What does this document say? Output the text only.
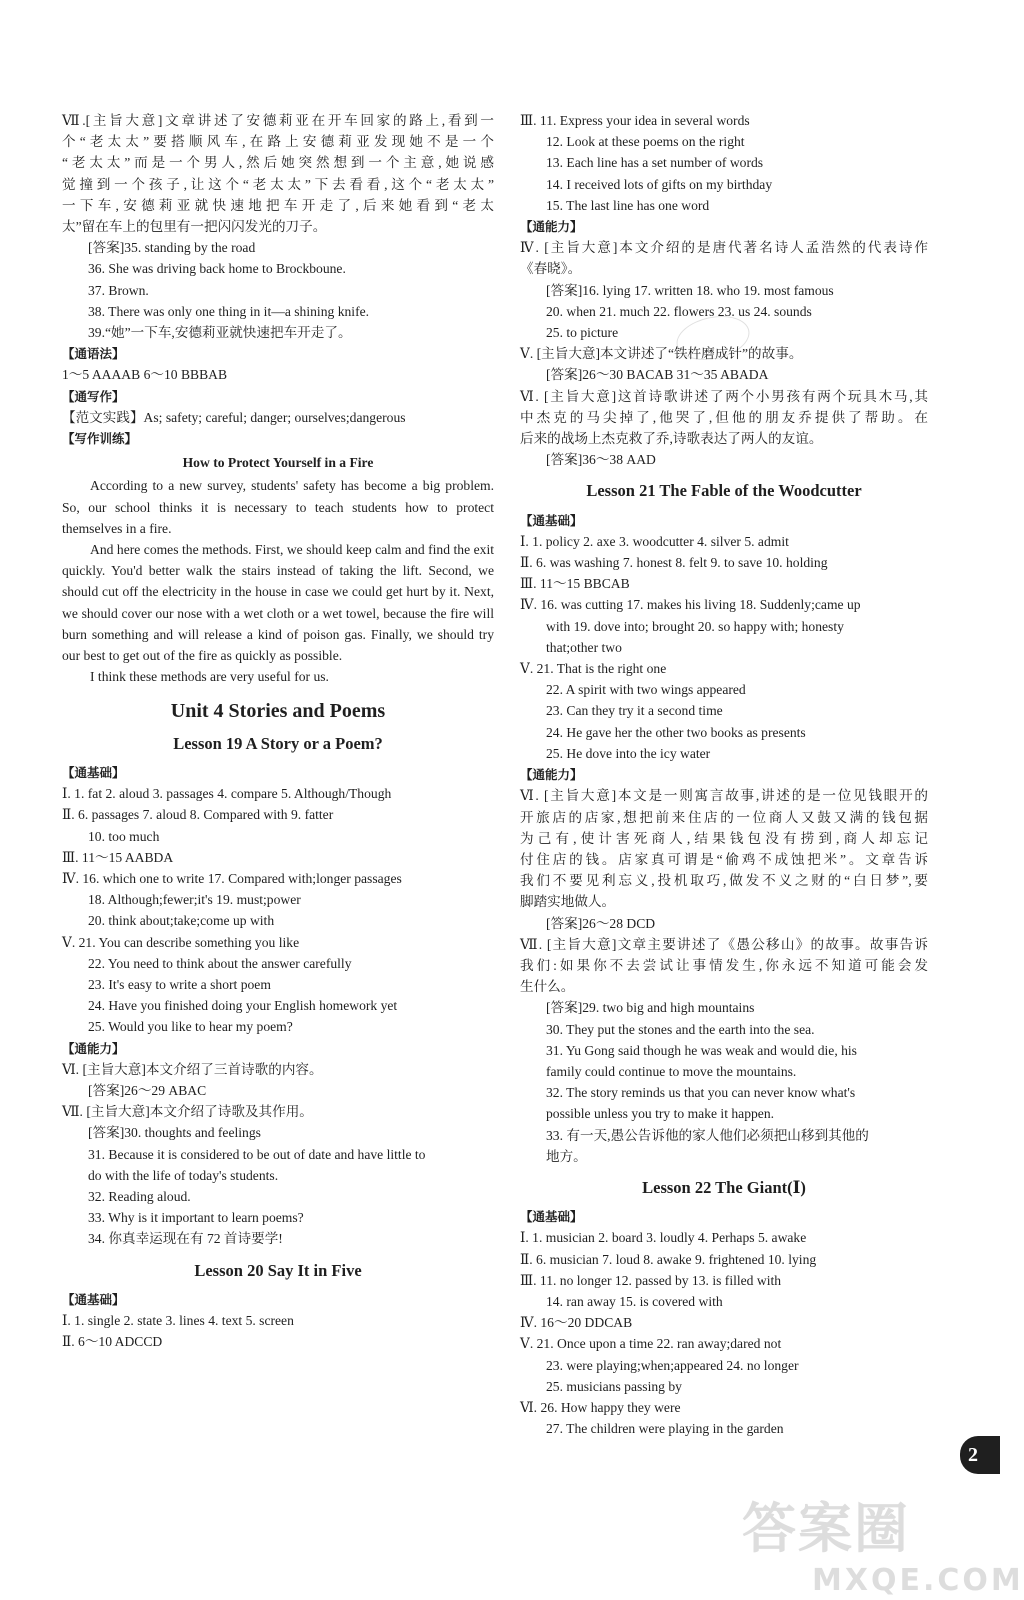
Ⅶ.[主旨大意]文章讲述了安德莉亚在开车回家的路上,看到一
个“老太太”要搭顺风车,在路上安德莉亚发现她不是一个
“老太太”而是一个男人,然后她突然想到一个主意,她说感
觉撞到一个孩子,让这个“老太太”下去看看,这个“老太太”
一下车,安德莉亚就快速地把车开走了,后来她看到“老太
太”留在车上的包里有一把闪闪发光的刀子。
[答案]35. standing by the road
36. She was driving back home to Brockboune.
37. Brown.
38. There was only one thing in it—a shining knife.
39.“她”一下车,安德莉亚就快速把车开走了。
【通语法】
1～5 AAAAB 6～10 BBBAB
【通写作】
【范文实践】As; safety; careful; danger; ourselves;dangerous
【写作训练】
How to Protect Yourself in a Fire
According to a new survey, students' safety has become a big problem. So, our school thinks it is necessary to teach students how to protect themselves in a fire.
And here comes the methods. First, we should keep calm and find the exit quickly. You'd better walk the stairs instead of taking the lift. Second, we should cut off the electricity in the house in case we could get hurt by it. Next, we should cover our nose with a wet cloth or a wet towel, because the fire will burn something and will release a kind of poison gas. Finally, we should try our best to get out of the fire as quickly as possible.
I think these methods are very useful for us.
Unit 4 Stories and Poems
Lesson 19 A Story or a Poem?
【通基础】
Ⅰ. 1. fat 2. aloud 3. passages 4. compare 5. Although/Though
Ⅱ. 6. passages 7. aloud 8. Compared with 9. fatter
10. too much
Ⅲ. 11～15 AABDA
Ⅳ. 16. which one to write 17. Compared with;longer passages
18. Although;fewer;it's 19. must;power
20. think about;take;come up with
Ⅴ. 21. You can describe something you like
22. You need to think about the answer carefully
23. It's easy to write a short poem
24. Have you finished doing your English homework yet
25. Would you like to hear my poem?
【通能力】
Ⅵ. [主旨大意]本文介绍了三首诗歌的内容。
[答案]26～29 ABAC
Ⅶ. [主旨大意]本文介绍了诗歌及其作用。
[答案]30. thoughts and feelings
31. Because it is considered to be out of date and have little to
do with the life of today's students.
32. Reading aloud.
33. Why is it important to learn poems?
34. 你真幸运现在有 72 首诗要学!
Lesson 20 Say It in Five
【通基础】
Ⅰ. 1. single 2. state 3. lines 4. text 5. screen
Ⅱ. 6～10 ADCCD
Ⅲ. 11. Express your idea in several words
12. Look at these poems on the right
13. Each line has a set number of words
14. I received lots of gifts on my birthday
15. The last line has one word
【通能力】
Ⅳ. [主旨大意]本文介绍的是唐代著名诗人孟浩然的代表诗作
《春晓》。
[答案]16. lying 17. written 18. who 19. most famous
20. when 21. much 22. flowers 23. us 24. sounds
25. to picture
Ⅴ. [主旨大意]本文讲述了“铁杵磨成针”的故事。
[答案]26～30 BACAB 31～35 ABADA
Ⅵ. [主旨大意]这首诗歌讲述了两个小男孩有两个玩具木马,其
中杰克的马尖掉了,他哭了,但他的朋友乔提供了帮助。在
后来的战场上杰克救了乔,诗歌表达了两人的友谊。
[答案]36～38 AAD
Lesson 21 The Fable of the Woodcutter
【通基础】
Ⅰ. 1. policy 2. axe 3. woodcutter 4. silver 5. admit
Ⅱ. 6. was washing 7. honest 8. felt 9. to save 10. holding
Ⅲ. 11～15 BBCAB
Ⅳ. 16. was cutting 17. makes his living 18. Suddenly;came up
with 19. dove into; brought 20. so happy with; honesty
that;other two
Ⅴ. 21. That is the right one
22. A spirit with two wings appeared
23. Can they try it a second time
24. He gave her the other two books as presents
25. He dove into the icy water
【通能力】
Ⅵ. [主旨大意]本文是一则寓言故事,讲述的是一位见钱眼开的
开旅店的店家,想把前来住店的一位商人又鼓又满的钱包据
为己有,使计害死商人,结果钱包没有捞到,商人却忘记
付住店的钱。店家真可谓是“偷鸡不成蚀把米”。文章告诉
我们不要见利忘义,投机取巧,做发不义之财的“白日梦”,要
脚踏实地做人。
[答案]26～28 DCD
Ⅶ. [主旨大意]文章主要讲述了《愚公移山》的故事。故事告诉
我们:如果你不去尝试让事情发生,你永远不知道可能会发
生什么。
[答案]29. two big and high mountains
30. They put the stones and the earth into the sea.
31. Yu Gong said though he was weak and would die, his
family could continue to move the mountains.
32. The story reminds us that you can never know what's
possible unless you try to make it happen.
33. 有一天,愚公告诉他的家人他们必须把山移到其他的
地方。
Lesson 22 The Giant(Ⅰ)
【通基础】
Ⅰ. 1. musician 2. board 3. loudly 4. Perhaps 5. awake
Ⅱ. 6. musician 7. loud 8. awake 9. frightened 10. lying
Ⅲ. 11. no longer 12. passed by 13. is filled with
14. ran away 15. is covered with
Ⅳ. 16～20 DDCAB
Ⅴ. 21. Once upon a time 22. ran away;dared not
23. were playing;when;appeared 24. no longer
25. musicians passing by
Ⅵ. 26. How happy they were
27. The children were playing in the garden
2
答案圈
MXQE.COM
